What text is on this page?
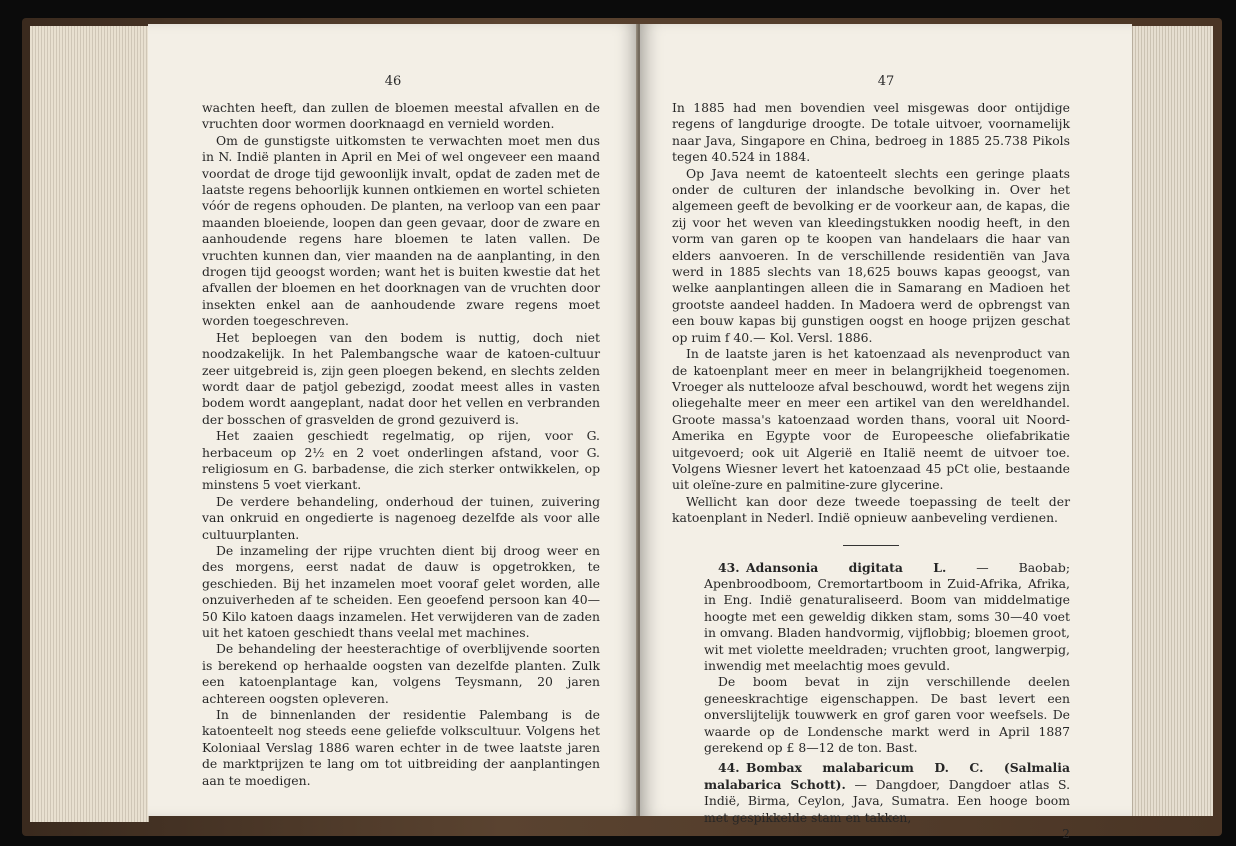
46

wachten heeft, dan zullen de bloemen meestal afvallen en de vruchten door wormen doorknaagd en vernield worden.

Om de gunstigste uitkomsten te verwachten moet men dus in N. Indië planten in April en Mei of wel ongeveer een maand voordat de droge tijd gewoonlijk invalt, opdat de zaden met de laatste regens behoorlijk kunnen ontkiemen en wortel schieten vóór de regens ophouden. De planten, na verloop van een paar maanden bloeiende, loopen dan geen gevaar, door de zware en aanhoudende regens hare bloemen te laten vallen. De vruchten kunnen dan, vier maanden na de aanplanting, in den drogen tijd geoogst worden; want het is buiten kwestie dat het afvallen der bloemen en het doorknagen van de vruchten door insekten enkel aan de aanhoudende zware regens moet worden toegeschreven.

Het beploegen van den bodem is nuttig, doch niet noodzakelijk. In het Palembangsche waar de katoen-cultuur zeer uitgebreid is, zijn geen ploegen bekend, en slechts zelden wordt daar de patjol gebezigd, zoodat meest alles in vasten bodem wordt aangeplant, nadat door het vellen en verbranden der bosschen of grasvelden de grond gezuiverd is.

Het zaaien geschiedt regelmatig, op rijen, voor G. herbaceum op 2½ en 2 voet onderlingen afstand, voor G. religiosum en G. barbadense, die zich sterker ontwikkelen, op minstens 5 voet vierkant.

De verdere behandeling, onderhoud der tuinen, zuivering van onkruid en ongedierte is nagenoeg dezelfde als voor alle cultuurplanten.

De inzameling der rijpe vruchten dient bij droog weer en des morgens, eerst nadat de dauw is opgetrokken, te geschieden. Bij het inzamelen moet vooraf gelet worden, alle onzuiverheden af te scheiden. Een geoefend persoon kan 40—50 Kilo katoen daags inzamelen. Het verwijderen van de zaden uit het katoen geschiedt thans veelal met machines.

De behandeling der heesterachtige of overblijvende soorten is berekend op herhaalde oogsten van dezelfde planten. Zulk een katoenplantage kan, volgens Teysmann, 20 jaren achtereen oogsten opleveren.

In de binnenlanden der residentie Palembang is de katoenteelt nog steeds eene geliefde volkscultuur. Volgens het Koloniaal Verslag 1886 waren echter in de twee laatste jaren de marktprijzen te lang om tot uitbreiding der aanplantingen aan te moedigen.

47

In 1885 had men bovendien veel misgewas door ontijdige regens of langdurige droogte. De totale uitvoer, voornamelijk naar Java, Singapore en China, bedroeg in 1885 25.738 Pikols tegen 40.524 in 1884.

Op Java neemt de katoenteelt slechts een geringe plaats onder de culturen der inlandsche bevolking in. Over het algemeen geeft de bevolking er de voorkeur aan, de kapas, die zij voor het weven van kleedingstukken noodig heeft, in den vorm van garen op te koopen van handelaars die haar van elders aanvoeren. In de verschillende residentiën van Java werd in 1885 slechts van 18,625 bouws kapas geoogst, van welke aanplantingen alleen die in Samarang en Madioen het grootste aandeel hadden. In Madoera werd de opbrengst van een bouw kapas bij gunstigen oogst en hooge prijzen geschat op ruim f 40.— Kol. Versl. 1886.

In de laatste jaren is het katoenzaad als nevenproduct van de katoenplant meer en meer in belangrijkheid toegenomen. Vroeger als nuttelooze afval beschouwd, wordt het wegens zijn oliegehalte meer en meer een artikel van den wereldhandel. Groote massa's katoenzaad worden thans, vooral uit Noord-Amerika en Egypte voor de Europeesche oliefabrikatie uitgevoerd; ook uit Algerië en Italië neemt de uitvoer toe. Volgens Wiesner levert het katoenzaad 45 pCt olie, bestaande uit oleïne-zure en palmitine-zure glycerine.

Wellicht kan door deze tweede toepassing de teelt der katoenplant in Nederl. Indië opnieuw aanbeveling verdienen.

43. Adansonia digitata L. — Baobab; Apenbroodboom, Cremortartboom in Zuid-Afrika, Afrika, in Eng. Indië genaturaliseerd. Boom van middelmatige hoogte met een geweldig dikken stam, soms 30—40 voet in omvang. Bladen handvormig, vijflobbig; bloemen groot, wit met violette meeldraden; vruchten groot, langwerpig, inwendig met meelachtig moes gevuld.

De boom bevat in zijn verschillende deelen geneeskrachtige eigenschappen. De bast levert een onverslijtelijk touwwerk en grof garen voor weefsels. De waarde op de Londensche markt werd in April 1887 gerekend op £ 8—12 de ton. Bast.

44. Bombax malabaricum D. C. (Salmalia malabarica Schott). — Dangdoer, Dangdoer atlas S. Indië, Birma, Ceylon, Java, Sumatra. Een hooge boom met gespikkelde stam en takken,

2
